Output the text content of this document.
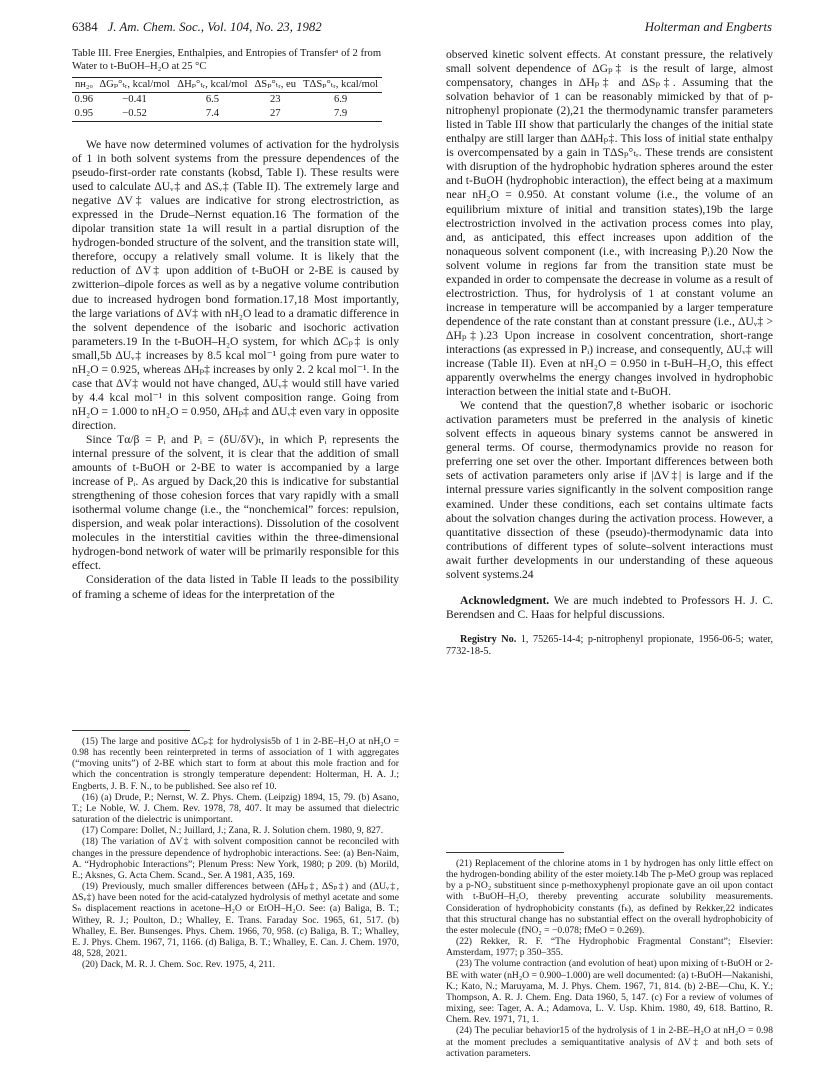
6384 J. Am. Chem. Soc., Vol. 104, No. 23, 1982	Holterman and Engberts
Table III. Free Energies, Enthalpies, and Entropies of Transferᵃ of 2 from Water to t-BuOH–H₂O at 25 °C
nʜ₂ₒ	ΔGₚ°ₜᵣ, kcal/mol	ΔHₚ°ₜᵣ, kcal/mol	ΔSₚ°ₜᵣ, eu	TΔSₚ°ₜᵣ, kcal/mol

0.96	−0.41	6.5	23	6.9
0.95	−0.52	7.4	27	7.9

We have now determined volumes of activation for the hydrolysis of 1 in both solvent systems from the pressure dependences of the pseudo-first-order rate constants (kobsd, Table I). These results were used to calculate ΔUᵥ‡ and ΔSᵥ‡ (Table II). The extremely large and negative ΔV‡ values are indicative for strong electrostriction, as expressed in the Drude–Nernst equation.16 The formation of the dipolar transition state 1a will result in a partial disruption of the hydrogen-bonded structure of the solvent, and the transition state will, therefore, occupy a relatively small volume. It is likely that the reduction of ΔV‡ upon addition of t-BuOH or 2-BE is caused by zwitterion–dipole forces as well as by a negative volume contribution due to increased hydrogen bond formation.17,18 Most importantly, the large variations of ΔV‡ with nH₂O lead to a dramatic difference in the solvent dependence of the isobaric and isochoric activation parameters.19 In the t-BuOH–H₂O system, for which ΔCₚ‡ is only small,5b ΔUᵥ‡ increases by 8.5 kcal mol⁻¹ going from pure water to nH₂O = 0.925, whereas ΔHₚ‡ increases by only 2. 2 kcal mol⁻¹. In the case that ΔV‡ would not have changed, ΔUᵥ‡ would still have varied by 4.4 kcal mol⁻¹ in this solvent composition range. Going from nH₂O = 1.000 to nH₂O = 0.950, ΔHₚ‡ and ΔUᵥ‡ even vary in opposite direction.

Since Tα/β = Pᵢ and Pᵢ = (δU/δV)ₜ, in which Pᵢ represents the internal pressure of the solvent, it is clear that the addition of small amounts of t-BuOH or 2-BE to water is accompanied by a large increase of Pᵢ. As argued by Dack,20 this is indicative for substantial strengthening of those cohesion forces that vary rapidly with a small isothermal volume change (i.e., the “nonchemical” forces: repulsion, dispersion, and weak polar interactions). Dissolution of the cosolvent molecules in the interstitial cavities within the three-dimensional hydrogen-bond network of water will be primarily responsible for this effect.

Consideration of the data listed in Table II leads to the possibility of framing a scheme of ideas for the interpretation of the

observed kinetic solvent effects. At constant pressure, the relatively small solvent dependence of ΔGₚ‡ is the result of large, almost compensatory, changes in ΔHₚ‡ and ΔSₚ‡. Assuming that the solvation behavior of 1 can be reasonably mimicked by that of p-nitrophenyl propionate (2),21 the thermodynamic transfer parameters listed in Table III show that particularly the changes of the initial state enthalpy are still larger than ΔΔHₚ‡. This loss of initial state enthalpy is overcompensated by a gain in TΔSₚ°ₜᵣ. These trends are consistent with disruption of the hydrophobic hydration spheres around the ester and t-BuOH (hydrophobic interaction), the effect being at a maximum near nH₂O = 0.950. At constant volume (i.e., the volume of an equilibrium mixture of initial and transition states),19b the large electrostriction involved in the activation process comes into play, and, as anticipated, this effect increases upon addition of the nonaqueous solvent component (i.e., with increasing Pᵢ).20 Now the solvent volume in regions far from the transition state must be expanded in order to compensate the decrease in volume as a result of electrostriction. Thus, for hydrolysis of 1 at constant volume an increase in temperature will be accompanied by a larger temperature dependence of the rate constant than at constant pressure (i.e., ΔUᵥ‡ > ΔHₚ‡).23 Upon increase in cosolvent concentration, short-range interactions (as expressed in Pᵢ) increase, and consequently, ΔUᵥ‡ will increase (Table II). Even at nH₂O = 0.950 in t-BuH–H₂O, this effect apparently overwhelms the energy changes involved in hydrophobic interaction between the initial state and t-BuOH.

We contend that the question7,8 whether isobaric or isochoric activation parameters must be preferred in the analysis of kinetic solvent effects in aqueous binary systems cannot be answered in general terms. Of course, thermodynamics provide no reason for preferring one set over the other. Important differences between both sets of activation parameters only arise if |ΔV‡| is large and if the internal pressure varies significantly in the solvent composition range examined. Under these conditions, each set contains ultimate facts about the solvation changes during the activation process. However, a quantitative dissection of these (pseudo)-thermodynamic data into contributions of different types of solute–solvent interactions must await further developments in our understanding of these aqueous solvent systems.24

Acknowledgment. We are much indebted to Professors H. J. C. Berendsen and C. Haas for helpful discussions.

Registry No. 1, 75265-14-4; p-nitrophenyl propionate, 1956-06-5; water, 7732-18-5.

(15) The large and positive ΔCₚ‡ for hydrolysis5b of 1 in 2-BE–H₂O at nH₂O = 0.98 has recently been reinterpreted in terms of association of 1 with aggregates (“moving units”) of 2-BE which start to form at about this mole fraction and for which the concentration is strongly temperature dependent: Holterman, H. A. J.; Engberts, J. B. F. N., to be published. See also ref 10.

(16) (a) Drude, P.; Nernst, W. Z. Phys. Chem. (Leipzig) 1894, 15, 79. (b) Asano, T.; Le Noble, W. J. Chem. Rev. 1978, 78, 407. It may be assumed that dielectric saturation of the dielectric is unimportant.

(17) Compare: Dollet, N.; Juillard, J.; Zana, R. J. Solution chem. 1980, 9, 827.

(18) The variation of ΔV‡ with solvent composition cannot be reconciled with changes in the pressure dependence of hydrophobic interactions. See: (a) Ben-Naim, A. “Hydrophobic Interactions”; Plenum Press: New York, 1980; p 209. (b) Morild, E.; Aksnes, G. Acta Chem. Scand., Ser. A 1981, A35, 169.

(19) Previously, much smaller differences between (ΔHₚ‡, ΔSₚ‡) and (ΔUᵥ‡, ΔSᵥ‡) have been noted for the acid-catalyzed hydrolysis of methyl acetate and some Sₙ displacement reactions in acetone–H₂O or EtOH–H₂O. See: (a) Baliga, B. T.; Withey, R. J.; Poulton, D.; Whalley, E. Trans. Faraday Soc. 1965, 61, 517. (b) Whalley, E. Ber. Bunsenges. Phys. Chem. 1966, 70, 958. (c) Baliga, B. T.; Whalley, E. J. Phys. Chem. 1967, 71, 1166. (d) Baliga, B. T.; Whalley, E. Can. J. Chem. 1970, 48, 528, 2021.

(20) Dack, M. R. J. Chem. Soc. Rev. 1975, 4, 211.

(21) Replacement of the chlorine atoms in 1 by hydrogen has only little effect on the hydrogen-bonding ability of the ester moiety.14b The p-MeO group was replaced by a p-NO₂ substituent since p-methoxyphenyl propionate gave an oil upon contact with t-BuOH–H₂O, thereby preventing accurate solubility measurements. Consideration of hydrophobicity constants (fₖ), as defined by Rekker,22 indicates that this structural change has no substantial effect on the overall hydrophobicity of the ester molecule (fNO₂ = −0.078; fMeO = 0.269).

(22) Rekker, R. F. “The Hydrophobic Fragmental Constant”; Elsevier: Amsterdam, 1977; p 350–355.

(23) The volume contraction (and evolution of heat) upon mixing of t-BuOH or 2-BE with water (nH₂O = 0.900–1.000) are well documented: (a) t-BuOH—Nakanishi, K.; Kato, N.; Maruyama, M. J. Phys. Chem. 1967, 71, 814. (b) 2-BE—Chu, K. Y.; Thompson, A. R. J. Chem. Eng. Data 1960, 5, 147. (c) For a review of volumes of mixing, see: Tager, A. A.; Adamova, L. V. Usp. Khim. 1980, 49, 618. Battino, R. Chem. Rev. 1971, 71, 1.

(24) The peculiar behavior15 of the hydrolysis of 1 in 2-BE–H₂O at nH₂O = 0.98 at the moment precludes a semiquantitative analysis of ΔV‡ and both sets of activation parameters.
